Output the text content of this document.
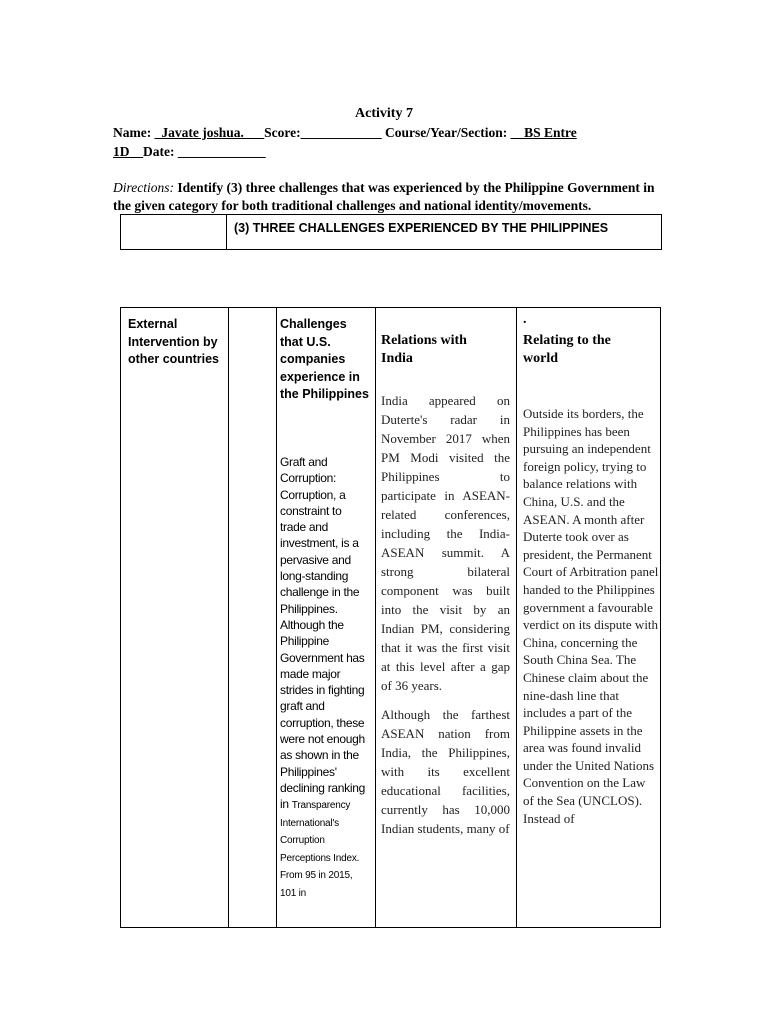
Activity 7
Name: _Javate joshua.___Score:____________ Course/Year/Section: __BS Entre
1D__Date: _____________
Directions: Identify (3) three challenges that was experienced by the Philippine Government in the given category for both traditional challenges and national identity/movements.
(3) THREE CHALLENGES EXPERIENCED BY THE PHILIPPINES
External Intervention by other countries
Challenges that U.S. companies experience in the Philippines
Graft and Corruption: Corruption, a constraint to trade and investment, is a pervasive and long-standing challenge in the Philippines. Although the Philippine Government has made major strides in fighting graft and corruption, these were not enough as shown in the Philippines' declining ranking in Transparency International's Corruption Perceptions Index. From 95 in 2015, 101 in
Relations with India

India appeared on Duterte's radar in November 2017 when PM Modi visited the Philippines to participate in ASEAN-related conferences, including the India-ASEAN summit. A strong bilateral component was built into the visit by an Indian PM, considering that it was the first visit at this level after a gap of 36 years.

Although the farthest ASEAN nation from India, the Philippines, with its excellent educational facilities, currently has 10,000 Indian students, many of

.
Relating to the world
Outside its borders, the Philippines has been pursuing an independent foreign policy, trying to balance relations with China, U.S. and the ASEAN. A month after Duterte took over as president, the Permanent Court of Arbitration panel handed to the Philippines government a favourable verdict on its dispute with China, concerning the South China Sea. The Chinese claim about the nine-dash line that includes a part of the Philippine assets in the area was found invalid under the United Nations Convention on the Law of the Sea (UNCLOS). Instead of
